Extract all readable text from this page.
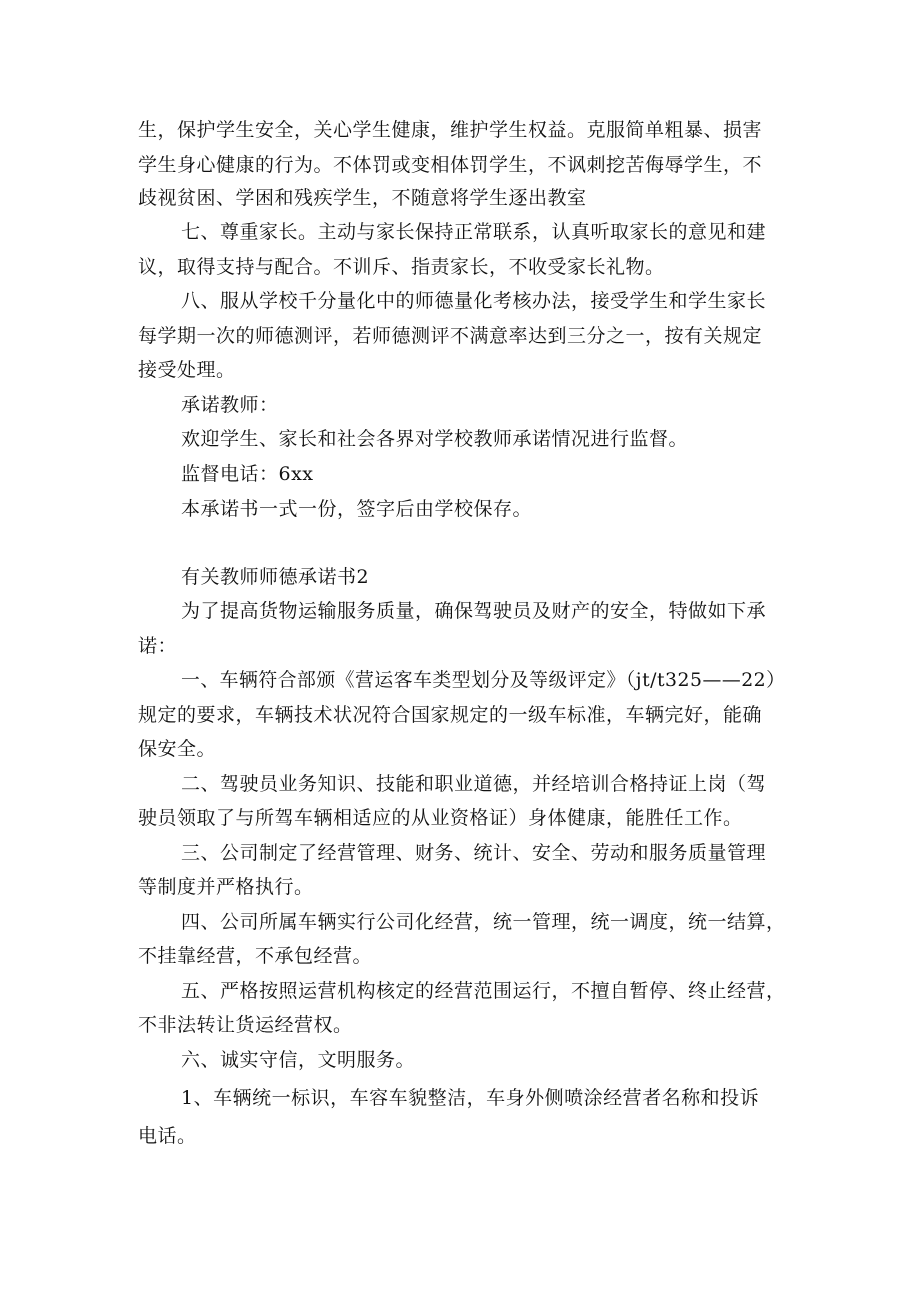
生，保护学生安全，关心学生健康，维护学生权益。克服简单粗暴、损害
学生身心健康的行为。不体罚或变相体罚学生，不讽刺挖苦侮辱学生，不
歧视贫困、学困和残疾学生，不随意将学生逐出教室
七、尊重家长。主动与家长保持正常联系，认真听取家长的意见和建
议，取得支持与配合。不训斥、指责家长，不收受家长礼物。
八、服从学校千分量化中的师德量化考核办法，接受学生和学生家长
每学期一次的师德测评，若师德测评不满意率达到三分之一，按有关规定
接受处理。
承诺教师：
欢迎学生、家长和社会各界对学校教师承诺情况进行监督。
监督电话：6xx
本承诺书一式一份，签字后由学校保存。
有关教师师德承诺书2
为了提高货物运输服务质量，确保驾驶员及财产的安全，特做如下承
诺：
一、车辆符合部颁《营运客车类型划分及等级评定》（jt/t325——22）
规定的要求，车辆技术状况符合国家规定的一级车标准，车辆完好，能确
保安全。
二、驾驶员业务知识、技能和职业道德，并经培训合格持证上岗（驾
驶员领取了与所驾车辆相适应的从业资格证）身体健康，能胜任工作。
三、公司制定了经营管理、财务、统计、安全、劳动和服务质量管理
等制度并严格执行。
四、公司所属车辆实行公司化经营，统一管理，统一调度，统一结算，
不挂靠经营，不承包经营。
五、严格按照运营机构核定的经营范围运行，不擅自暂停、终止经营，
不非法转让货运经营权。
六、诚实守信，文明服务。
1、车辆统一标识，车容车貌整洁，车身外侧喷涂经营者名称和投诉
电话。
